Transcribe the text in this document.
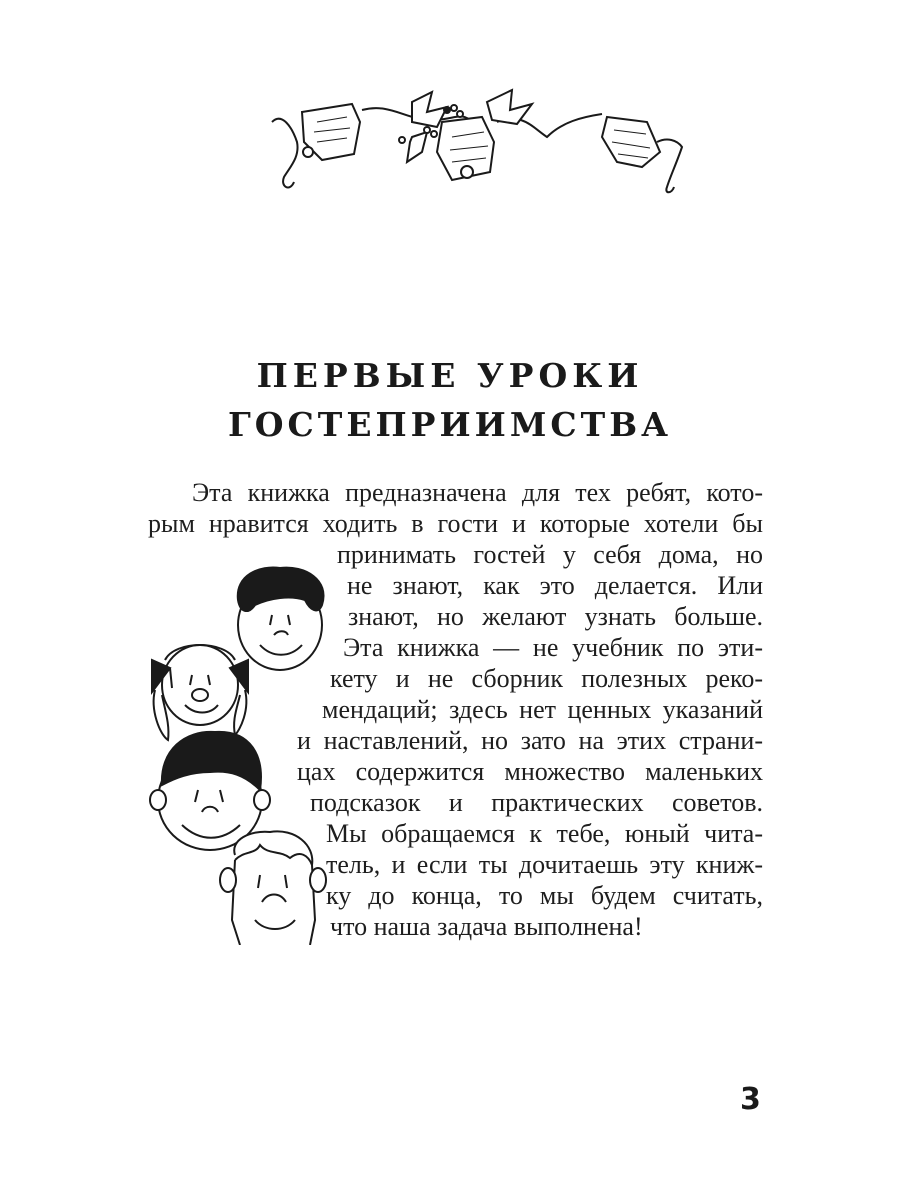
ПЕРВЫЕ УРОКИ
ГОСТЕПРИИМСТВА
Эта книжка предназначена для тех ребят, кото-
рым нравится ходить в гости и которые хотели бы
принимать гостей у себя дома, но
не знают, как это делается. Или
знают, но желают узнать больше.
Эта книжка — не учебник по эти-
кету и не сборник полезных реко-
мендаций; здесь нет ценных указаний
и наставлений, но зато на этих страни-
цах содержится множество маленьких
подсказок и практических советов.
Мы обращаемся к тебе, юный чита-
тель, и если ты дочитаешь эту книж-
ку до конца, то мы будем считать,
что наша задача выполнена!
3
